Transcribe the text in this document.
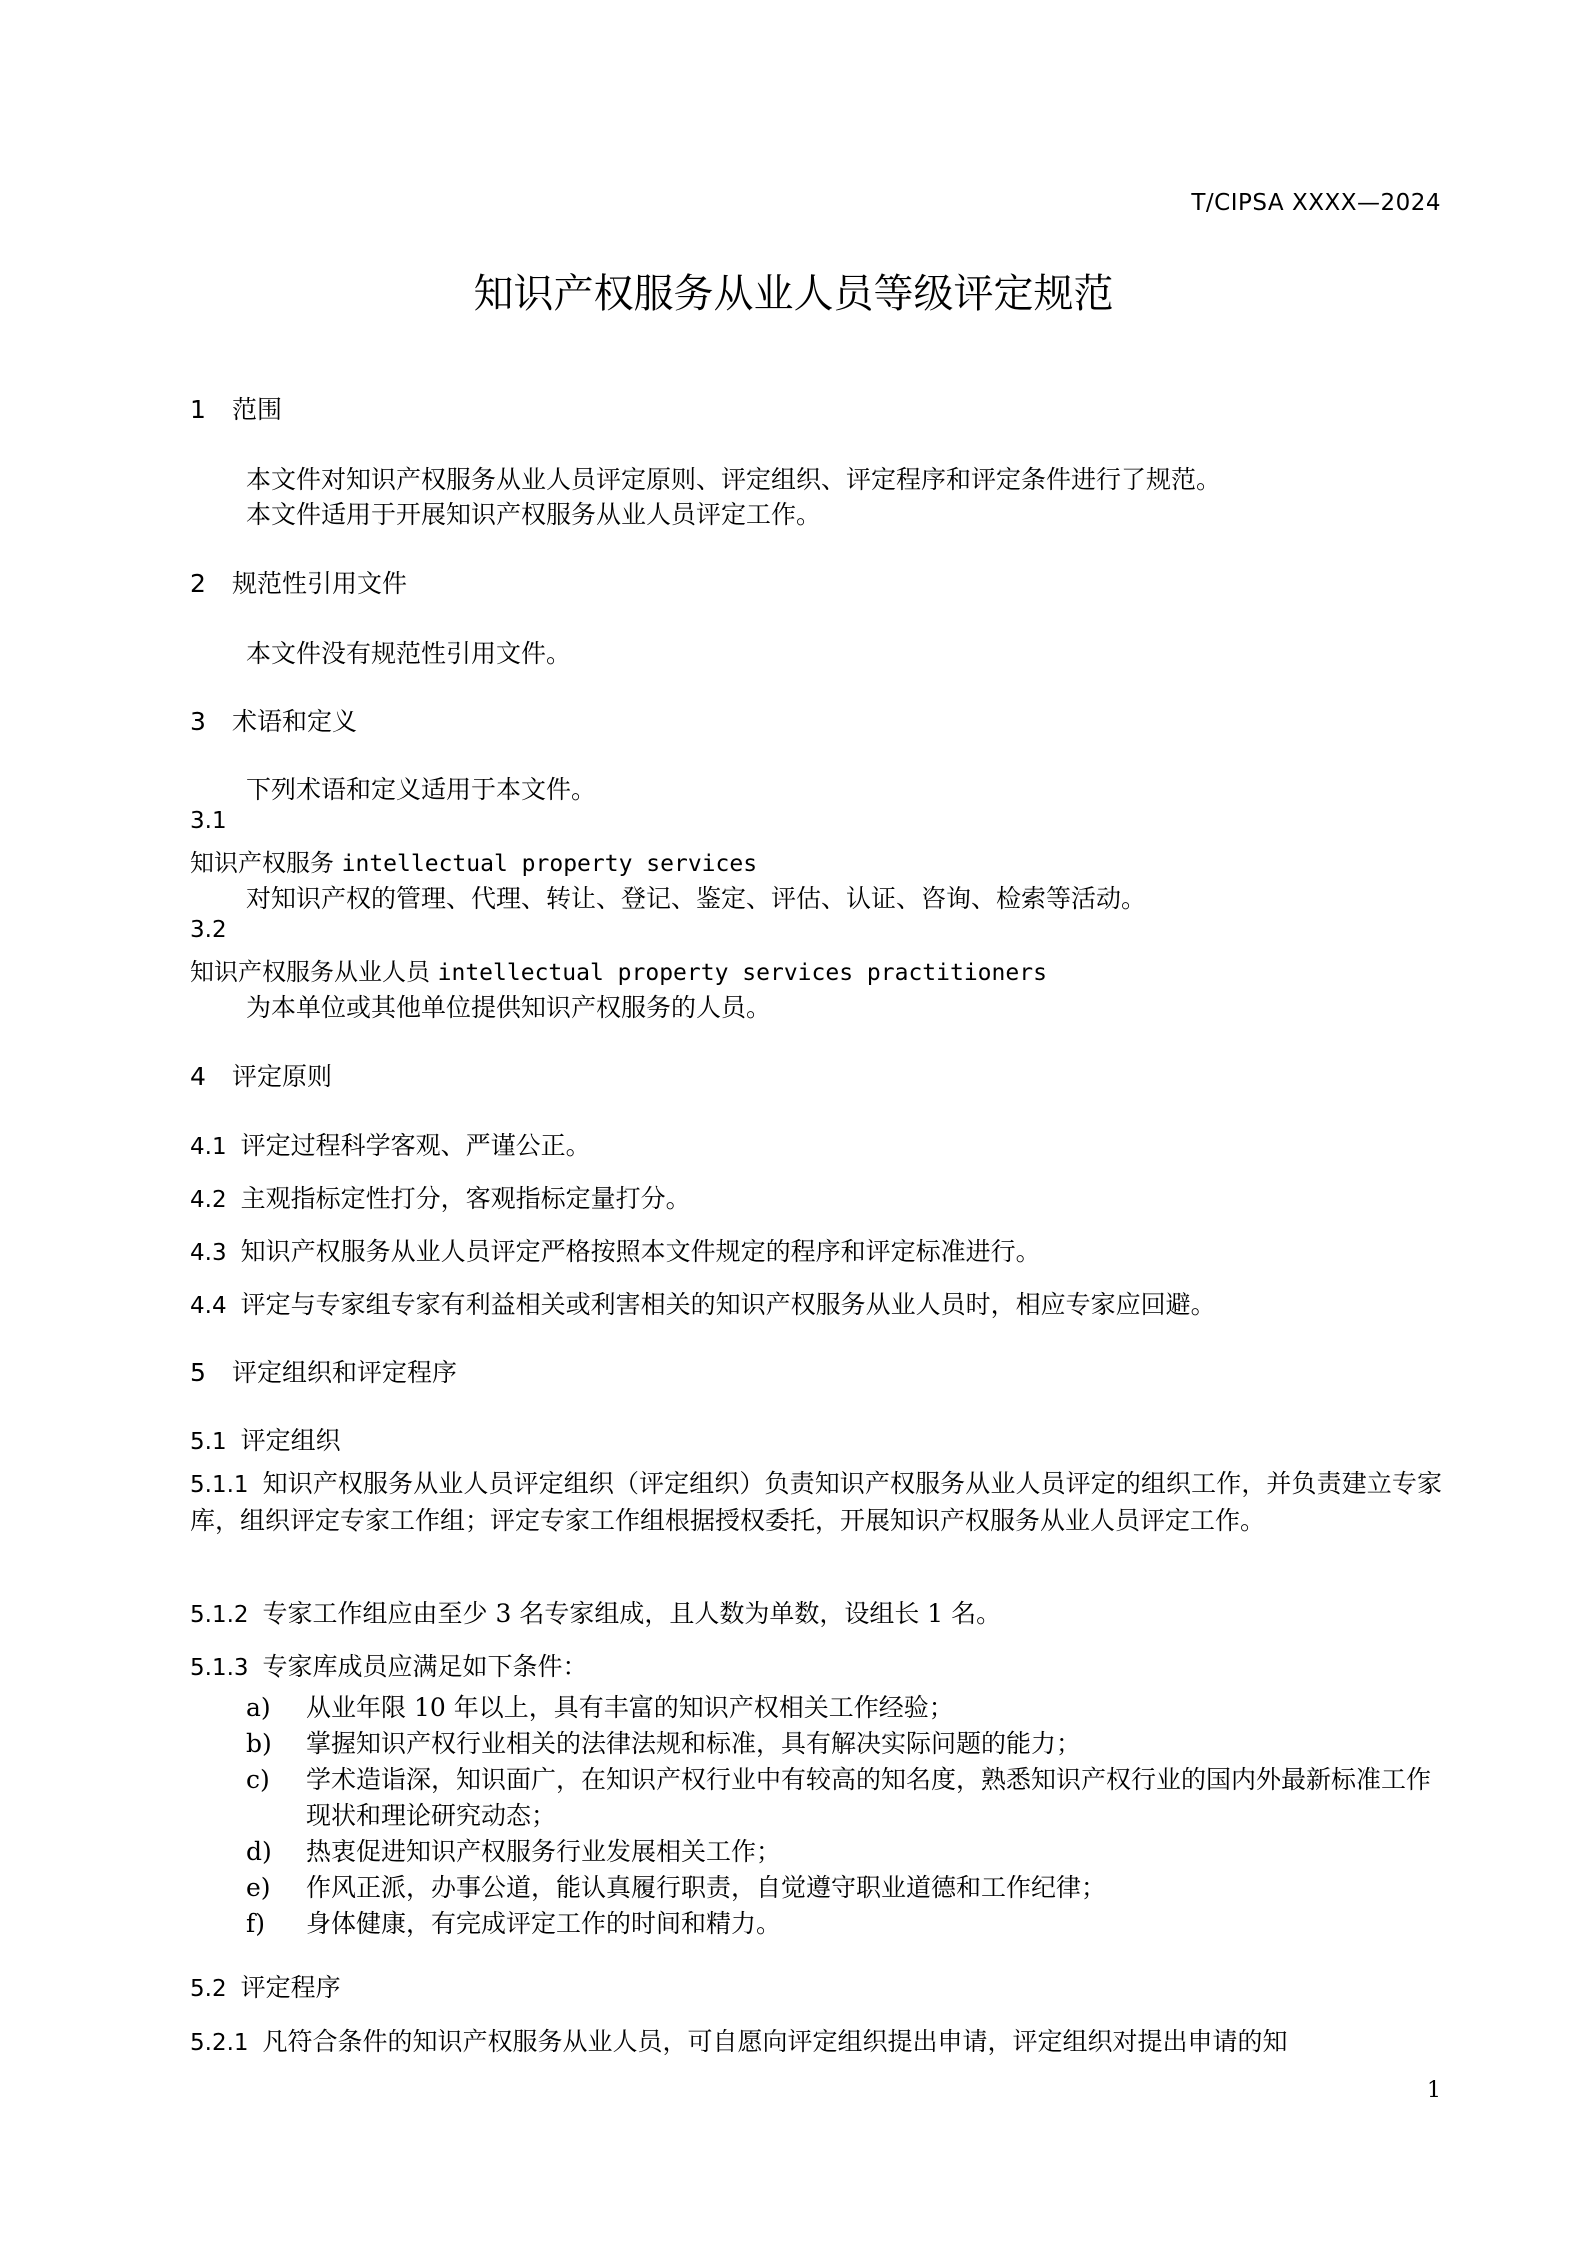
T/CIPSA XXXX—2024
知识产权服务从业人员等级评定规范
1 范围
本文件对知识产权服务从业人员评定原则、评定组织、评定程序和评定条件进行了规范。
本文件适用于开展知识产权服务从业人员评定工作。
2 规范性引用文件
本文件没有规范性引用文件。
3 术语和定义
下列术语和定义适用于本文件。
3.1
知识产权服务 intellectual property services
对知识产权的管理、代理、转让、登记、鉴定、评估、认证、咨询、检索等活动。
3.2
知识产权服务从业人员 intellectual property services practitioners
为本单位或其他单位提供知识产权服务的人员。
4 评定原则
4.1 评定过程科学客观、严谨公正。
4.2 主观指标定性打分，客观指标定量打分。
4.3 知识产权服务从业人员评定严格按照本文件规定的程序和评定标准进行。
4.4 评定与专家组专家有利益相关或利害相关的知识产权服务从业人员时，相应专家应回避。
5 评定组织和评定程序
5.1 评定组织
5.1.1 知识产权服务从业人员评定组织（评定组织）负责知识产权服务从业人员评定的组织工作，并负责建立专家库，组织评定专家工作组；评定专家工作组根据授权委托，开展知识产权服务从业人员评定工作。
5.1.2 专家工作组应由至少 3 名专家组成，且人数为单数，设组长 1 名。
5.1.3 专家库成员应满足如下条件：
a)	从业年限 10 年以上，具有丰富的知识产权相关工作经验；
b)	掌握知识产权行业相关的法律法规和标准，具有解决实际问题的能力；
c)	学术造诣深，知识面广，在知识产权行业中有较高的知名度，熟悉知识产权行业的国内外最新标准工作现状和理论研究动态；
d)	热衷促进知识产权服务行业发展相关工作；
e)	作风正派，办事公道，能认真履行职责，自觉遵守职业道德和工作纪律；
f)	身体健康，有完成评定工作的时间和精力。
5.2 评定程序
5.2.1 凡符合条件的知识产权服务从业人员，可自愿向评定组织提出申请，评定组织对提出申请的知
1
